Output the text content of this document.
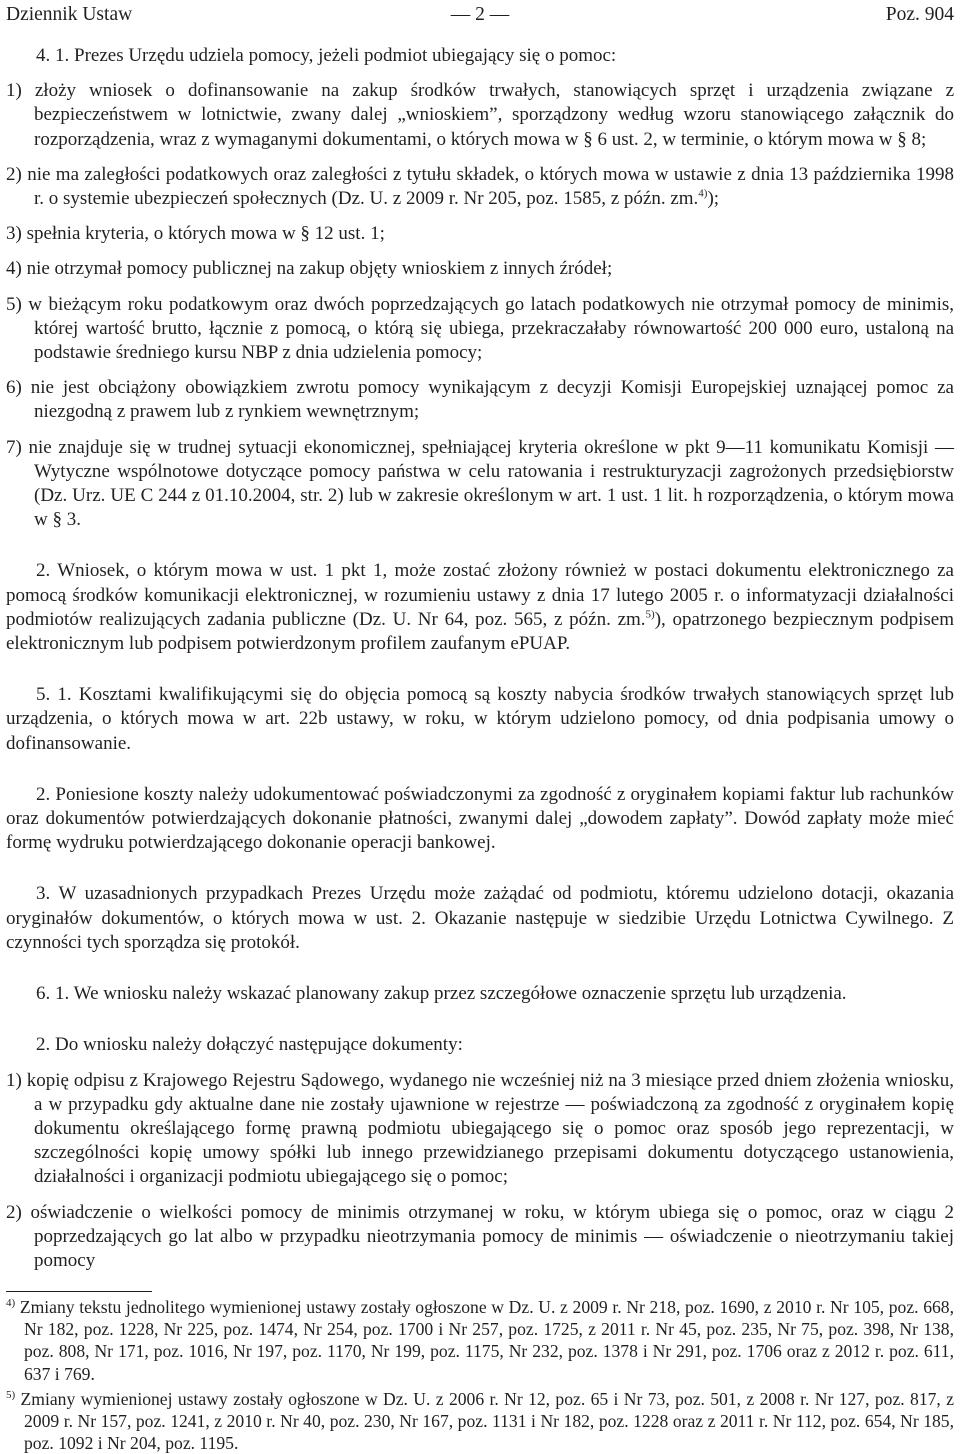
Dziennik Ustaw	— 2 —	Poz. 904

4. 1. Prezes Urzędu udziela pomocy, jeżeli podmiot ubiegający się o pomoc:

1) złoży wniosek o dofinansowanie na zakup środków trwałych, stanowiących sprzęt i urządzenia związane z bezpieczeństwem w lotnictwie, zwany dalej „wnioskiem”, sporządzony według wzoru stanowiącego załącznik do rozporządzenia, wraz z wymaganymi dokumentami, o których mowa w § 6 ust. 2, w terminie, o którym mowa w § 8;

2) nie ma zaległości podatkowych oraz zaległości z tytułu składek, o których mowa w ustawie z dnia 13 października 1998 r. o systemie ubezpieczeń społecznych (Dz. U. z 2009 r. Nr 205, poz. 1585, z późn. zm.$^{4)}$);

3) spełnia kryteria, o których mowa w § 12 ust. 1;

4) nie otrzymał pomocy publicznej na zakup objęty wnioskiem z innych źródeł;

5) w bieżącym roku podatkowym oraz dwóch poprzedzających go latach podatkowych nie otrzymał pomocy de minimis, której wartość brutto, łącznie z pomocą, o którą się ubiega, przekraczałaby równowartość 200 000 euro, ustaloną na podstawie średniego kursu NBP z dnia udzielenia pomocy;

6) nie jest obciążony obowiązkiem zwrotu pomocy wynikającym z decyzji Komisji Europejskiej uznającej pomoc za niezgodną z prawem lub z rynkiem wewnętrznym;

7) nie znajduje się w trudnej sytuacji ekonomicznej, spełniającej kryteria określone w pkt 9—11 komunikatu Komisji — Wytyczne wspólnotowe dotyczące pomocy państwa w celu ratowania i restrukturyzacji zagrożonych przedsiębiorstw (Dz. Urz. UE C 244 z 01.10.2004, str. 2) lub w zakresie określonym w art. 1 ust. 1 lit. h rozporządzenia, o którym mowa w § 3.

2. Wniosek, o którym mowa w ust. 1 pkt 1, może zostać złożony również w postaci dokumentu elektronicznego za pomocą środków komunikacji elektronicznej, w rozumieniu ustawy z dnia 17 lutego 2005 r. o informatyzacji działalności podmiotów realizujących zadania publiczne (Dz. U. Nr 64, poz. 565, z późn. zm.$^{5)}$), opatrzonego bezpiecznym podpisem elektronicznym lub podpisem potwierdzonym profilem zaufanym ePUAP.

5. 1. Kosztami kwalifikującymi się do objęcia pomocą są koszty nabycia środków trwałych stanowiących sprzęt lub urządzenia, o których mowa w art. 22b ustawy, w roku, w którym udzielono pomocy, od dnia podpisania umowy o dofinansowanie.

2. Poniesione koszty należy udokumentować poświadczonymi za zgodność z oryginałem kopiami faktur lub rachunków oraz dokumentów potwierdzających dokonanie płatności, zwanymi dalej „dowodem zapłaty”. Dowód zapłaty może mieć formę wydruku potwierdzającego dokonanie operacji bankowej.

3. W uzasadnionych przypadkach Prezes Urzędu może zażądać od podmiotu, któremu udzielono dotacji, okazania oryginałów dokumentów, o których mowa w ust. 2. Okazanie następuje w siedzibie Urzędu Lotnictwa Cywilnego. Z czynności tych sporządza się protokół.

6. 1. We wniosku należy wskazać planowany zakup przez szczegółowe oznaczenie sprzętu lub urządzenia.

2. Do wniosku należy dołączyć następujące dokumenty:

1) kopię odpisu z Krajowego Rejestru Sądowego, wydanego nie wcześniej niż na 3 miesiące przed dniem złożenia wniosku, a w przypadku gdy aktualne dane nie zostały ujawnione w rejestrze — poświadczoną za zgodność z oryginałem kopię dokumentu określającego formę prawną podmiotu ubiegającego się o pomoc oraz sposób jego reprezentacji, w szczególności kopię umowy spółki lub innego przewidzianego przepisami dokumentu dotyczącego ustanowienia, działalności i organizacji podmiotu ubiegającego się o pomoc;

2) oświadczenie o wielkości pomocy de minimis otrzymanej w roku, w którym ubiega się o pomoc, oraz w ciągu 2 poprzedzających go lat albo w przypadku nieotrzymania pomocy de minimis — oświadczenie o nieotrzymaniu takiej pomocy

$^{4)}$ Zmiany tekstu jednolitego wymienionej ustawy zostały ogłoszone w Dz. U. z 2009 r. Nr 218, poz. 1690, z 2010 r. Nr 105, poz. 668, Nr 182, poz. 1228, Nr 225, poz. 1474, Nr 254, poz. 1700 i Nr 257, poz. 1725, z 2011 r. Nr 45, poz. 235, Nr 75, poz. 398, Nr 138, poz. 808, Nr 171, poz. 1016, Nr 197, poz. 1170, Nr 199, poz. 1175, Nr 232, poz. 1378 i Nr 291, poz. 1706 oraz z 2012 r. poz. 611, 637 i 769.

$^{5)}$ Zmiany wymienionej ustawy zostały ogłoszone w Dz. U. z 2006 r. Nr 12, poz. 65 i Nr 73, poz. 501, z 2008 r. Nr 127, poz. 817, z 2009 r. Nr 157, poz. 1241, z 2010 r. Nr 40, poz. 230, Nr 167, poz. 1131 i Nr 182, poz. 1228 oraz z 2011 r. Nr 112, poz. 654, Nr 185, poz. 1092 i Nr 204, poz. 1195.
